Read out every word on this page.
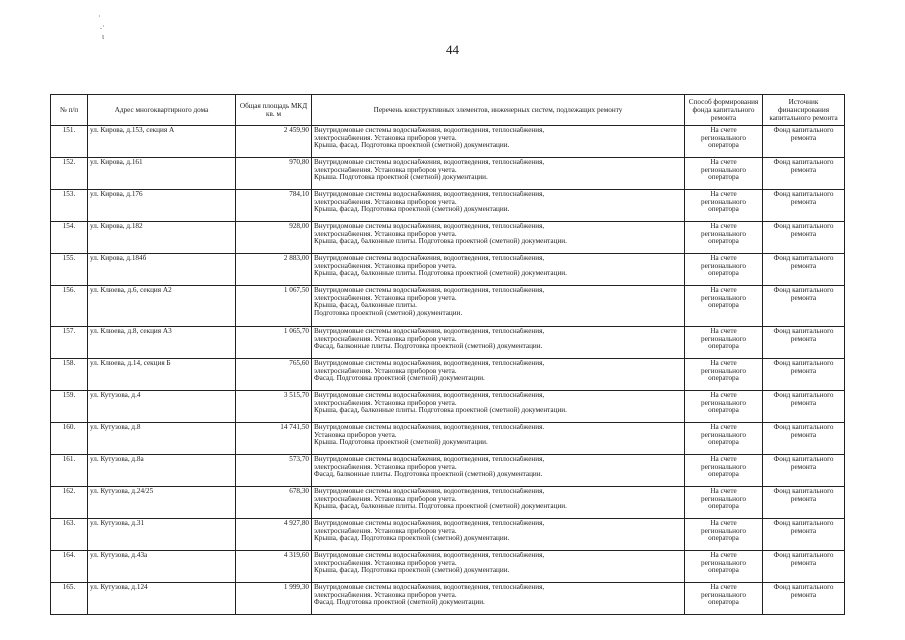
·
.·
ι
44
№ п/п	Адрес многоквартирного дома	Общая площадь МКД кв. м	Перечень конструктивных элементов, инженерных систем, подлежащих ремонту	Способ формирования фонда капитального ремонта	Источник финансирования капитального ремонта
151.	ул. Кирова, д.153, секция А	2 459,90	Внутридомовые системы водоснабжения, водоотведения, теплоснабжения,
электроснабжения. Установка приборов учета.
Крыша, фасад. Подготовка проектной (сметной) документации.	На счете регионального оператора	Фонд капитального ремонта
152.	ул. Кирова, д.161	970,80	Внутридомовые системы водоснабжения, водоотведения, теплоснабжения,
электроснабжения. Установка приборов учета.
Крыша. Подготовка проектной (сметной) документации.	На счете регионального оператора	Фонд капитального ремонта
153.	ул. Кирова, д.176	784,10	Внутридомовые системы водоснабжения, водоотведения, теплоснабжения,
электроснабжения. Установка приборов учета.
Крыша, фасад. Подготовка проектной (сметной) документации.	На счете регионального оператора	Фонд капитального ремонта
154.	ул. Кирова, д.182	928,00	Внутридомовые системы водоснабжения, водоотведения, теплоснабжения,
электроснабжения. Установка приборов учета.
Крыша, фасад, балконные плиты. Подготовка проектной (сметной) документации.	На счете регионального оператора	Фонд капитального ремонта
155.	ул. Кирова, д.184б	2 883,00	Внутридомовые системы водоснабжения, водоотведения, теплоснабжения,
электроснабжения. Установка приборов учета.
Крыша, фасад, балконные плиты. Подготовка проектной (сметной) документации.	На счете регионального оператора	Фонд капитального ремонта
156.	ул. Клюева, д.6, секция А2	1 067,50	Внутридомовые системы водоснабжения, водоотведения, теплоснабжения,
электроснабжения. Установка приборов учета.
Крыша, фасад, балконные плиты.
Подготовка проектной (сметной) документации.	На счете регионального оператора	Фонд капитального ремонта
157.	ул. Клюева, д.8, секция А3	1 065,70	Внутридомовые системы водоснабжения, водоотведения, теплоснабжения,
электроснабжения. Установка приборов учета.
Фасад, балконные плиты. Подготовка проектной (сметной) документации.	На счете регионального оператора	Фонд капитального ремонта
158.	ул. Клюева, д.14, секция Б	765,60	Внутридомовые системы водоснабжения, водоотведения, теплоснабжения,
электроснабжения. Установка приборов учета.
Фасад. Подготовка проектной (сметной) документации.	На счете регионального оператора	Фонд капитального ремонта
159.	ул. Кутузова, д.4	3 515,70	Внутридомовые системы водоснабжения, водоотведения, теплоснабжения,
электроснабжения. Установка приборов учета.
Крыша, фасад, балконные плиты. Подготовка проектной (сметной) документации.	На счете регионального оператора	Фонд капитального ремонта
160.	ул. Кутузова, д.8	14 741,50	Внутридомовые системы водоснабжения, водоотведения, теплоснабжения.
Установка приборов учета.
Крыша. Подготовка проектной (сметной) документации.	На счете регионального оператора	Фонд капитального ремонта
161.	ул. Кутузова, д.8а	573,70	Внутридомовые системы водоснабжения, водоотведения, теплоснабжения,
электроснабжения. Установка приборов учета.
Фасад, балконные плиты. Подготовка проектной (сметной) документации.	На счете регионального оператора	Фонд капитального ремонта
162.	ул. Кутузова, д.24/25	678,30	Внутридомовые системы водоснабжения, водоотведения, теплоснабжения,
электроснабжения. Установка приборов учета.
Крыша, фасад, балконные плиты. Подготовка проектной (сметной) документации.	На счете регионального оператора	Фонд капитального ремонта
163.	ул. Кутузова, д.31	4 927,80	Внутридомовые системы водоснабжения, водоотведения, теплоснабжения,
электроснабжения. Установка приборов учета.
Крыша, фасад. Подготовка проектной (сметной) документации.	На счете регионального оператора	Фонд капитального ремонта
164.	ул. Кутузова, д.43а	4 319,60	Внутридомовые системы водоснабжения, водоотведения, теплоснабжения,
электроснабжения. Установка приборов учета.
Крыша, фасад. Подготовка проектной (сметной) документации.	На счете регионального оператора	Фонд капитального ремонта
165.	ул. Кутузова, д.124	1 999,30	Внутридомовые системы водоснабжения, водоотведения, теплоснабжения,
электроснабжения. Установка приборов учета.
Фасад. Подготовка проектной (сметной) документации.	На счете регионального оператора	Фонд капитального ремонта
